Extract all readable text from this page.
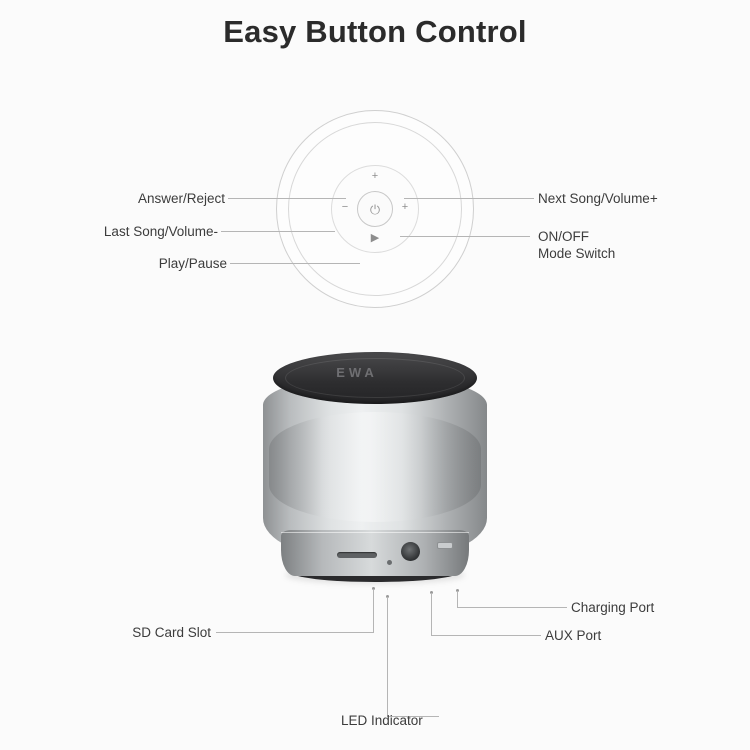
Easy Button Control
+
−	+
▶
⏻
Answer/Reject
Last Song/Volume-
Play/Pause
Next Song/Volume+
ON/OFF
Mode Switch
EWA
SD Card Slot
LED Indicator
AUX Port
Charging Port
